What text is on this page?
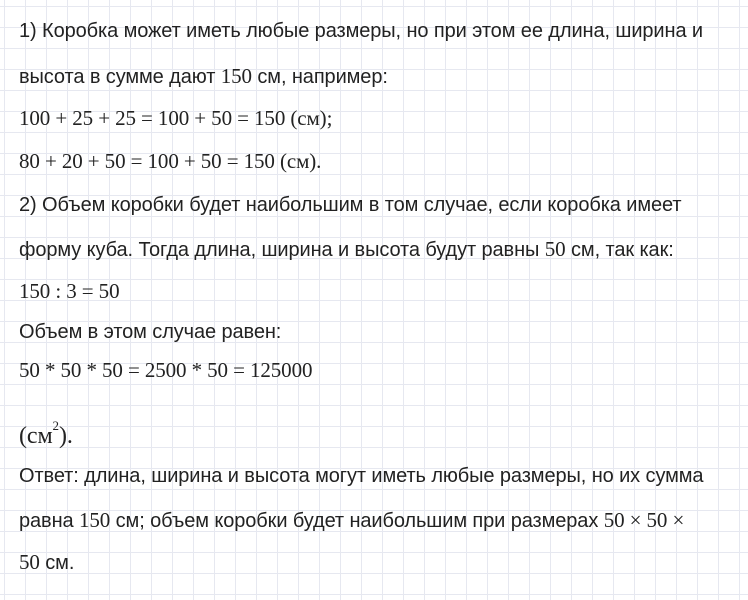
1) Коробка может иметь любые размеры, но при этом ее длина, ширина и
высота в сумме дают 150 см, например:
100 + 25 + 25 = 100 + 50 = 150 (см);
80 + 20 + 50 = 100 + 50 = 150 (см).
2) Объем коробки будет наибольшим в том случае, если коробка имеет
форму куба. Тогда длина, ширина и высота будут равны 50 см, так как:
150 : 3 = 50
Объем в этом случае равен:
50 * 50 * 50 = 2500 * 50 = 125000
$(см^2)$.
Ответ: длина, ширина и высота могут иметь любые размеры, но их сумма
равна 150 см; объем коробки будет наибольшим при размерах 50 × 50 ×
50 см.
